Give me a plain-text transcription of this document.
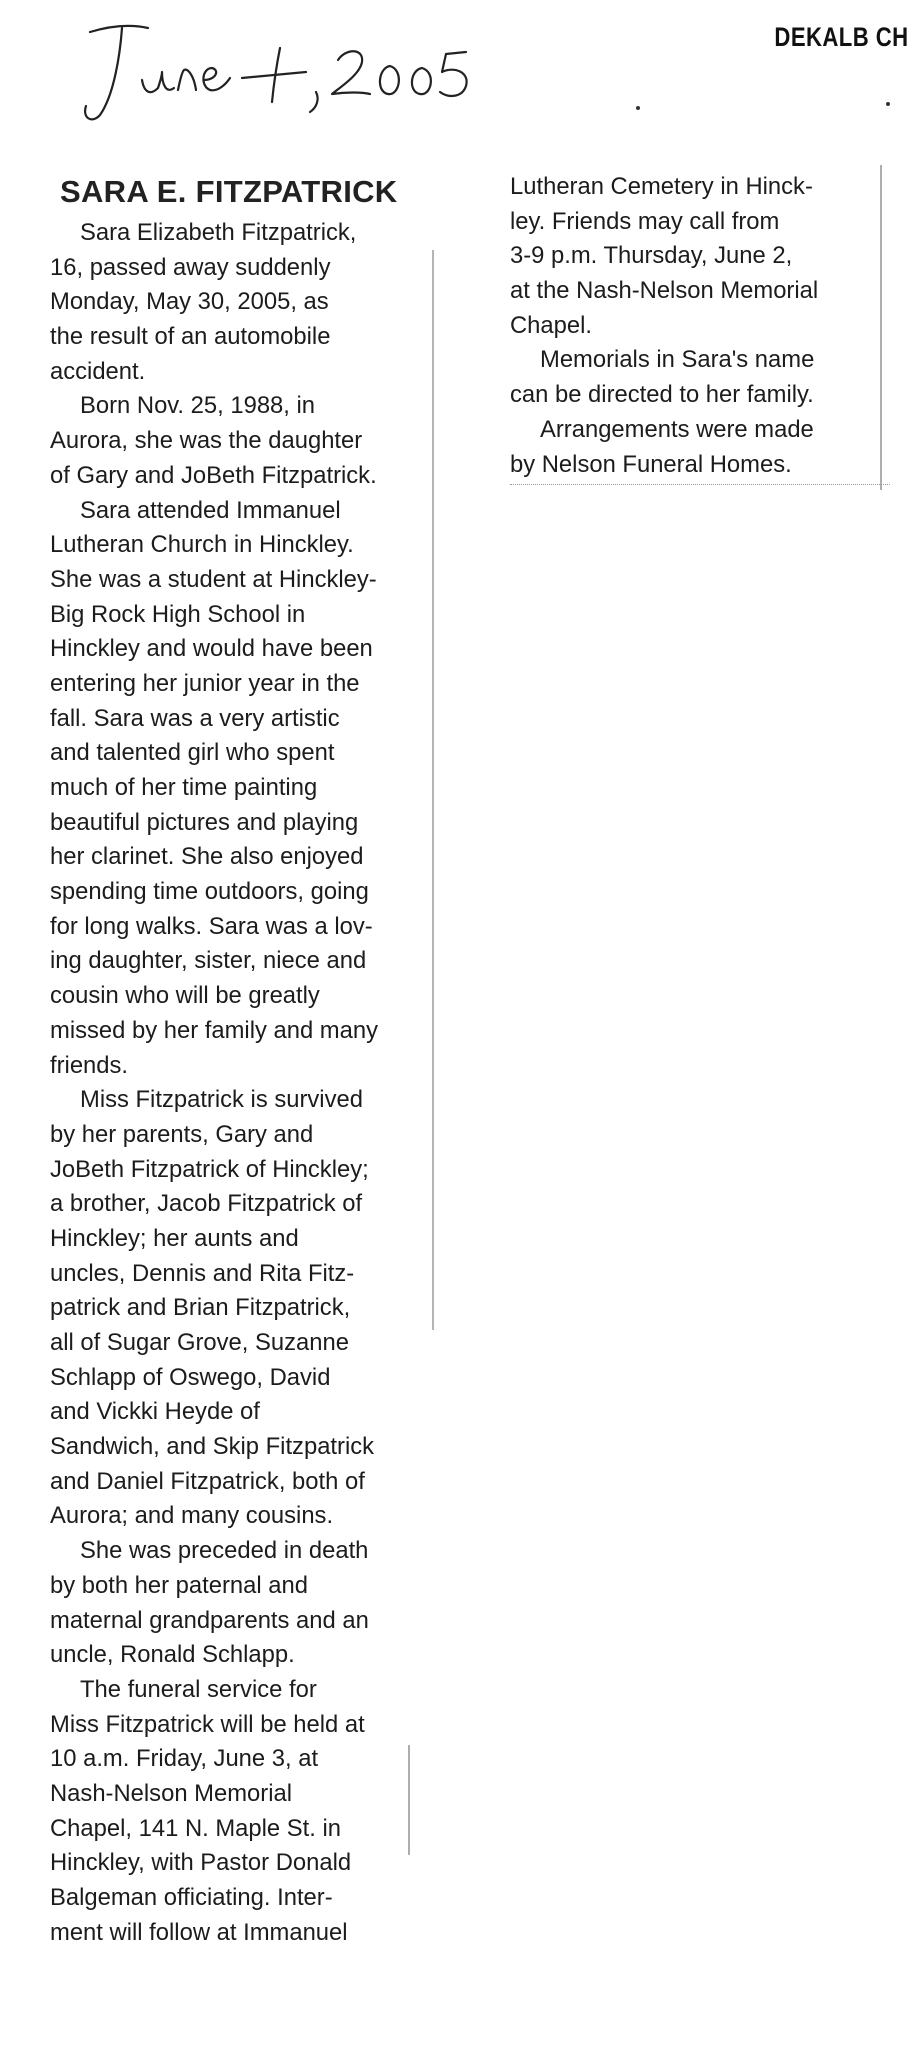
DEKALB CH
SARA E. FITZPATRICK
Sara Elizabeth Fitzpatrick,
16, passed away suddenly
Monday, May 30, 2005, as
the result of an automobile
accident.
Born Nov. 25, 1988, in
Aurora, she was the daughter
of Gary and JoBeth Fitzpatrick.
Sara attended Immanuel
Lutheran Church in Hinckley.
She was a student at Hinckley-
Big Rock High School in
Hinckley and would have been
entering her junior year in the
fall. Sara was a very artistic
and talented girl who spent
much of her time painting
beautiful pictures and playing
her clarinet. She also enjoyed
spending time outdoors, going
for long walks. Sara was a lov-
ing daughter, sister, niece and
cousin who will be greatly
missed by her family and many
friends.
Miss Fitzpatrick is survived
by her parents, Gary and
JoBeth Fitzpatrick of Hinckley;
a brother, Jacob Fitzpatrick of
Hinckley; her aunts and
uncles, Dennis and Rita Fitz-
patrick and Brian Fitzpatrick,
all of Sugar Grove, Suzanne
Schlapp of Oswego, David
and Vickki Heyde of
Sandwich, and Skip Fitzpatrick
and Daniel Fitzpatrick, both of
Aurora; and many cousins.
She was preceded in death
by both her paternal and
maternal grandparents and an
uncle, Ronald Schlapp.
The funeral service for
Miss Fitzpatrick will be held at
10 a.m. Friday, June 3, at
Nash-Nelson Memorial
Chapel, 141 N. Maple St. in
Hinckley, with Pastor Donald
Balgeman officiating. Inter-
ment will follow at Immanuel
Lutheran Cemetery in Hinck-
ley. Friends may call from
3-9 p.m. Thursday, June 2,
at the Nash-Nelson Memorial
Chapel.
Memorials in Sara's name
can be directed to her family.
Arrangements were made
by Nelson Funeral Homes.
